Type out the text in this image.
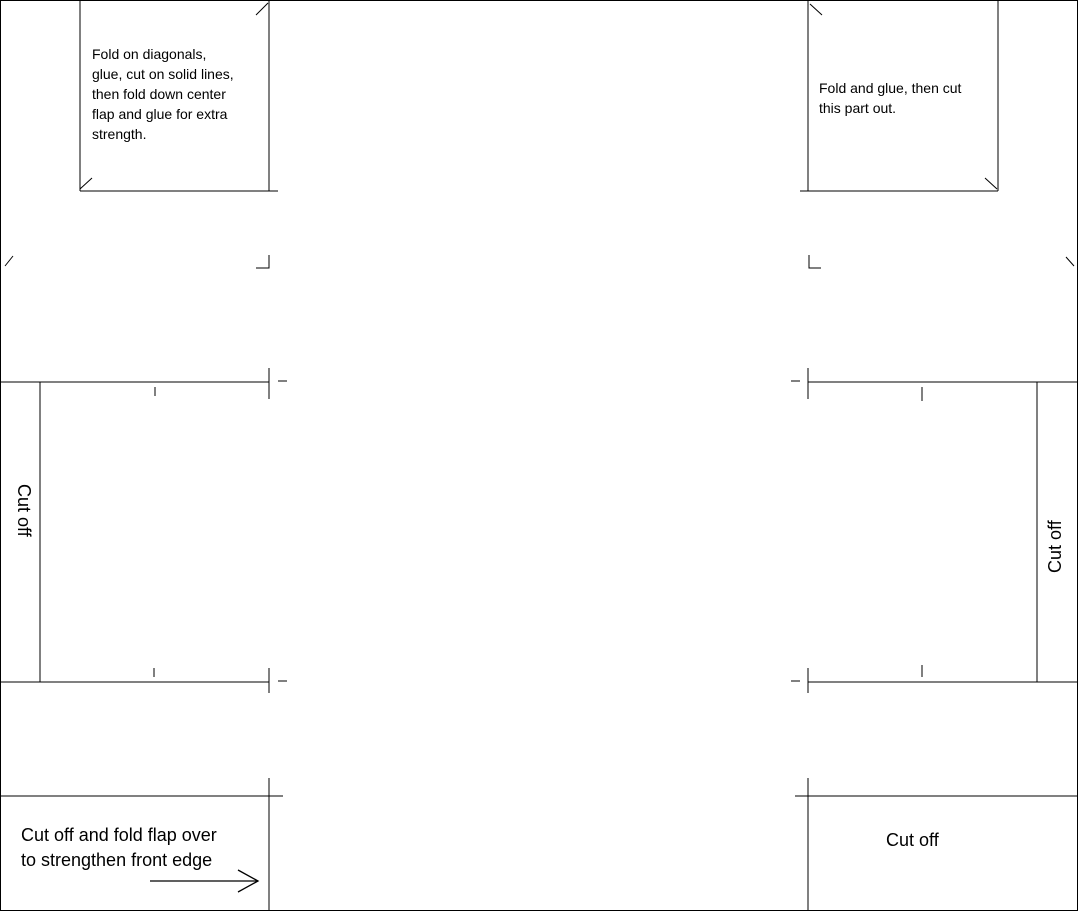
Fold on diagonals,
glue, cut on solid lines,
then fold down center
flap and glue for extra
strength.
Fold and glue, then cut
this part out.
Cut off
Cut off
Cut off and fold flap over
to strengthen front edge
Cut off
